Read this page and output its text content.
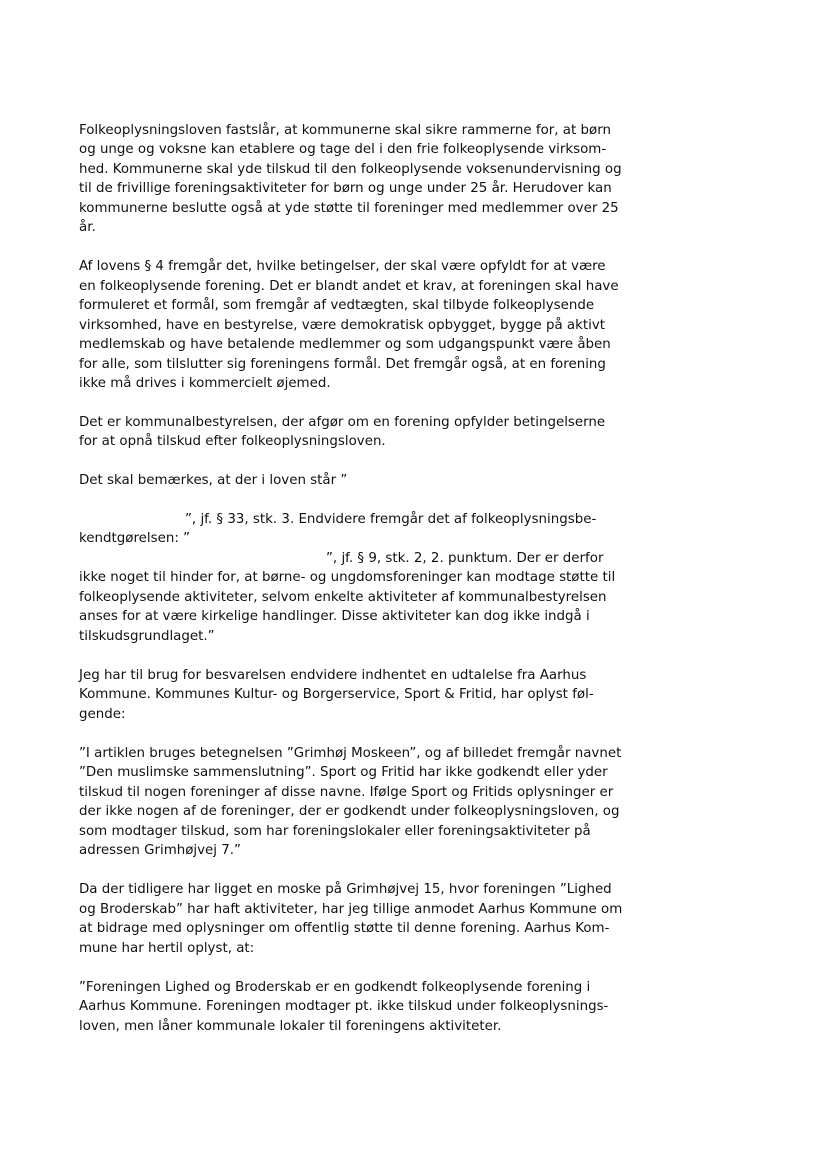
Folkeoplysningsloven fastslår, at kommunerne skal sikre rammerne for, at børn

og unge og voksne kan etablere og tage del i den frie folkeoplysende virksom-

hed. Kommunerne skal yde tilskud til den folkeoplysende voksenundervisning og

til de frivillige foreningsaktiviteter for børn og unge under 25 år. Herudover kan

kommunerne beslutte også at yde støtte til foreninger med medlemmer over 25

år.

Af lovens § 4 fremgår det, hvilke betingelser, der skal være opfyldt for at være

en folkeoplysende forening. Det er blandt andet et krav, at foreningen skal have

formuleret et formål, som fremgår af vedtægten, skal tilbyde folkeoplysende

virksomhed, have en bestyrelse, være demokratisk opbygget, bygge på aktivt

medlemskab og have betalende medlemmer og som udgangspunkt være åben

for alle, som tilslutter sig foreningens formål. Det fremgår også, at en forening

ikke må drives i kommercielt øjemed.

Det er kommunalbestyrelsen, der afgør om en forening opfylder betingelserne

for at opnå tilskud efter folkeoplysningsloven.

Det skal bemærkes, at der i loven står ”

”, jf. § 33, stk. 3. Endvidere fremgår det af folkeoplysningsbe-

kendtgørelsen: ”

”, jf. § 9, stk. 2, 2. punktum. Der er derfor

ikke noget til hinder for, at børne- og ungdomsforeninger kan modtage støtte til

folkeoplysende aktiviteter, selvom enkelte aktiviteter af kommunalbestyrelsen

anses for at være kirkelige handlinger. Disse aktiviteter kan dog ikke indgå i

tilskudsgrundlaget.”

Jeg har til brug for besvarelsen endvidere indhentet en udtalelse fra Aarhus

Kommune. Kommunes Kultur- og Borgerservice, Sport & Fritid, har oplyst føl-

gende:

”I artiklen bruges betegnelsen ”Grimhøj Moskeen”, og af billedet fremgår navnet

”Den muslimske sammenslutning”. Sport og Fritid har ikke godkendt eller yder

tilskud til nogen foreninger af disse navne. Ifølge Sport og Fritids oplysninger er

der ikke nogen af de foreninger, der er godkendt under folkeoplysningsloven, og

som modtager tilskud, som har foreningslokaler eller foreningsaktiviteter på

adressen Grimhøjvej 7.”

Da der tidligere har ligget en moske på Grimhøjvej 15, hvor foreningen ”Lighed

og Broderskab” har haft aktiviteter, har jeg tillige anmodet Aarhus Kommune om

at bidrage med oplysninger om offentlig støtte til denne forening. Aarhus Kom-

mune har hertil oplyst, at:

”Foreningen Lighed og Broderskab er en godkendt folkeoplysende forening i

Aarhus Kommune. Foreningen modtager pt. ikke tilskud under folkeoplysnings-

loven, men låner kommunale lokaler til foreningens aktiviteter.
